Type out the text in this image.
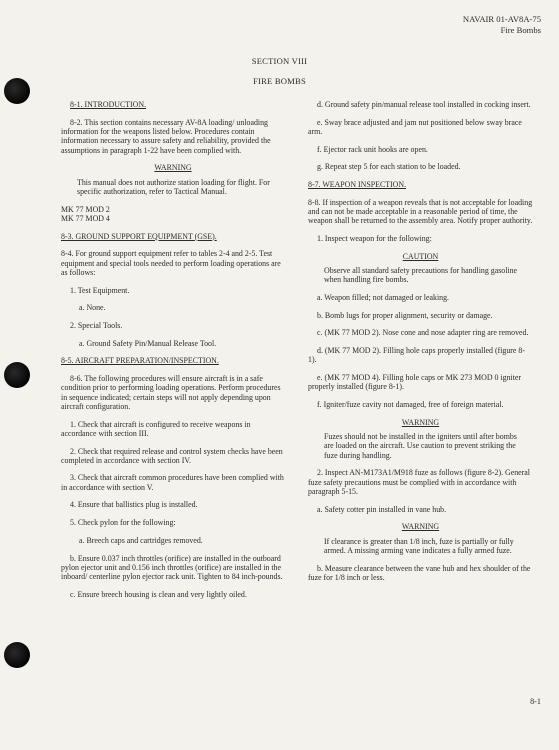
NAVAIR 01-AV8A-75
Fire Bombs
SECTION VIII
FIRE BOMBS

8-1. INTRODUCTION.

8-2. This section contains necessary AV-8A loading/ unloading information for the weapons listed below. Procedures contain information necessary to assure safety and reliability, provided the assumptions in paragraph 1-22 have been complied with.

WARNING

This manual does not authorize station loading for flight. For specific authorization, refer to Tactical Manual.

MK 77 MOD 2

MK 77 MOD 4

8-3. GROUND SUPPORT EQUIPMENT (GSE).

8-4. For ground support equipment refer to tables 2-4 and 2-5. Test equipment and special tools needed to perform loading operations are as follows:

1. Test Equipment.

a. None.

2. Special Tools.

a. Ground Safety Pin/Manual Release Tool.

8-5. AIRCRAFT PREPARATION/INSPECTION.

8-6. The following procedures will ensure aircraft is in a safe condition prior to performing loading operations. Perform procedures in sequence indicated; certain steps will not apply depending upon aircraft configuration.

1. Check that aircraft is configured to receive weapons in accordance with section III.

2. Check that required release and control system checks have been completed in accordance with section IV.

3. Check that aircraft common procedures have been complied with in accordance with section V.

4. Ensure that ballistics plug is installed.

5. Check pylon for the following:

a. Breech caps and cartridges removed.

b. Ensure 0.037 inch throttles (orifice) are installed in the outboard pylon ejector unit and 0.156 inch throttles (orifice) are installed in the inboard/ centerline pylon ejector rack unit. Tighten to 84 inch-pounds.

c. Ensure breech housing is clean and very lightly oiled.

d. Ground safety pin/manual release tool installed in cocking insert.

e. Sway brace adjusted and jam nut positioned below sway brace arm.

f. Ejector rack unit hooks are open.

g. Repeat step 5 for each station to be loaded.

8-7. WEAPON INSPECTION.

8-8. If inspection of a weapon reveals that is not acceptable for loading and can not be made acceptable in a reasonable period of time, the weapon shall be returned to the assembly area. Notify proper authority.

1. Inspect weapon for the following:

CAUTION

Observe all standard safety precautions for handling gasoline when handling fire bombs.

a. Weapon filled; not damaged or leaking.

b. Bomb lugs for proper alignment, security or damage.

c. (MK 77 MOD 2). Nose cone and nose adapter ring are removed.

d. (MK 77 MOD 2). Filling hole caps properly installed (figure 8-1).

e. (MK 77 MOD 4). Filling hole caps or MK 273 MOD 0 igniter properly installed (figure 8-1).

f. Igniter/fuze cavity not damaged, free of foreign material.

WARNING

Fuzes should not be installed in the igniters until after bombs are loaded on the aircraft. Use caution to prevent striking the fuze during handling.

2. Inspect AN-M173A1/M918 fuze as follows (figure 8-2). General fuze safety precautions must be complied with in accordance with paragraph 5-15.

a. Safety cotter pin installed in vane hub.

WARNING

If clearance is greater than 1/8 inch, fuze is partially or fully armed. A missing arming vane indicates a fully armed fuze.

b. Measure clearance between the vane hub and hex shoulder of the fuze for 1/8 inch or less.

8-1
